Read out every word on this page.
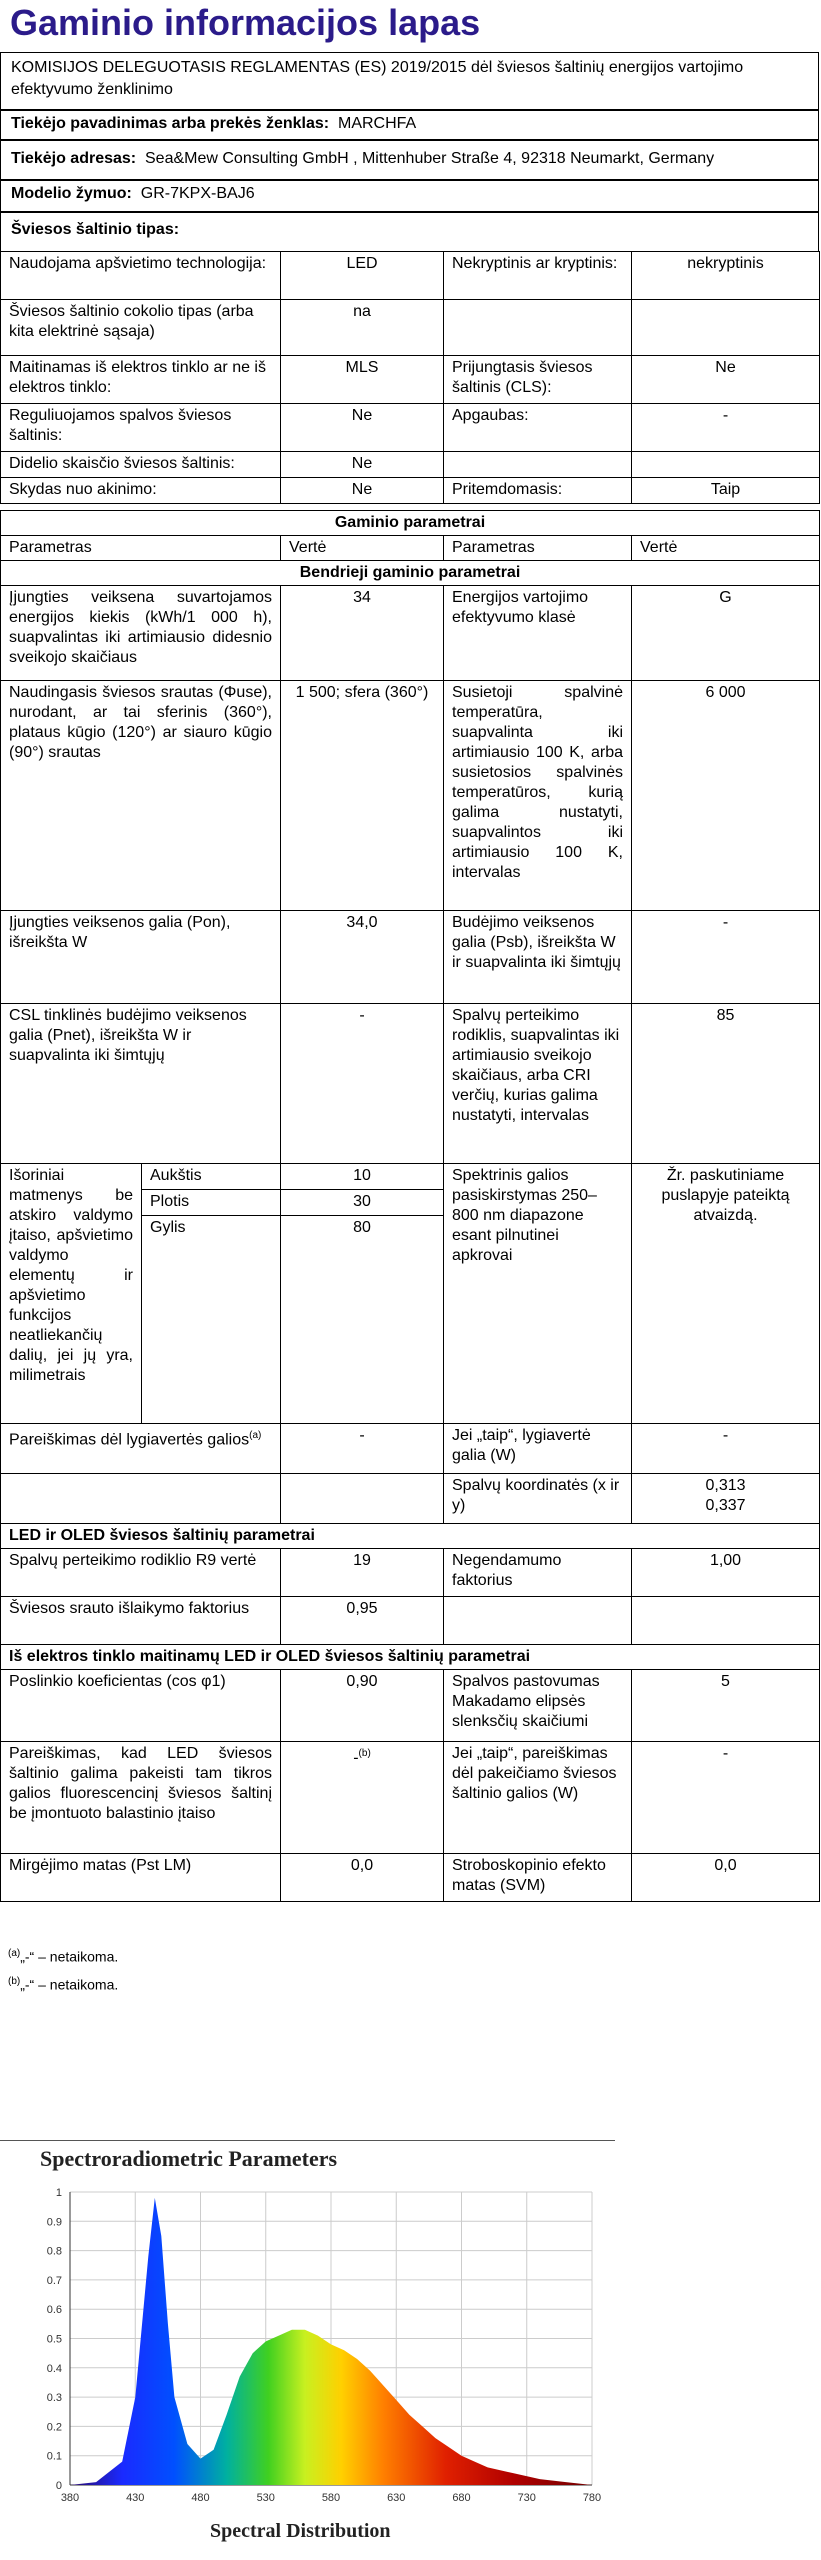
Gaminio informacijos lapas
KOMISIJOS DELEGUOTASIS REGLAMENTAS (ES) 2019/2015 dėl šviesos šaltinių energijos vartojimo efektyvumo ženklinimo
Tiekėjo pavadinimas arba prekės ženklas: MARCHFA
Tiekėjo adresas: Sea&Mew Consulting GmbH , Mittenhuber Straße 4, 92318 Neumarkt, Germany
Modelio žymuo: GR-7KPX-BAJ6
Šviesos šaltinio tipas:
Naudojama apšvietimo technologija:	LED	Nekryptinis ar kryptinis:	nekryptinis
Šviesos šaltinio cokolio tipas (arba kita elektrinė sąsaja)	na		
Maitinamas iš elektros tinklo ar ne iš elektros tinklo:	MLS	Prijungtasis šviesos šaltinis (CLS):	Ne
Reguliuojamos spalvos šviesos šaltinis:	Ne	Apgaubas:	-
Didelio skaisčio šviesos šaltinis:	Ne		
Skydas nuo akinimo:	Ne	Pritemdomasis:	Taip
Gaminio parametrai				
Parametras		Vertė	Parametras	Vertė
Bendrieji gaminio parametrai				
Įjungties veiksena suvartojamos energijos kiekis (kWh/1 000 h), suapvalintas iki artimiausio didesnio sveikojo skaičiaus		34	Energijos vartojimo efektyvumo klasė	G
Naudingasis šviesos srautas (Φuse), nurodant, ar tai sferinis (360°), plataus kūgio (120°) ar siauro kūgio (90°) srautas		1 500; sfera (360°)	Susietoji spalvinė temperatūra, suapvalinta iki artimiausio 100 K, arba susietosios spalvinės temperatūros, kurią galima nustatyti, suapvalintos iki artimiausio 100 K, intervalas	6 000
Įjungties veiksenos galia (Pon), išreikšta W		34,0	Budėjimo veiksenos galia (Psb), išreikšta W ir suapvalinta iki šimtųjų	-
CSL tinklinės budėjimo veiksenos galia (Pnet), išreikšta W ir suapvalinta iki šimtųjų		-	Spalvų perteikimo rodiklis, suapvalintas iki artimiausio sveikojo skaičiaus, arba CRI verčių, kurias galima nustatyti, intervalas	85
Išoriniai matmenys be atskiro valdymo įtaiso, apšvietimo valdymo elementų ir apšvietimo funkcijos neatliekančių dalių, jei jų yra, milimetrais	Aukštis	10	Spektrinis galios pasiskirstymas 250–800 nm diapazone esant pilnutinei apkrovai	Žr. paskutiniame puslapyje pateiktą atvaizdą.
	Plotis	30		
	Gylis	80		
Pareiškimas dėl lygiavertės galios$^{(a)}$		-	Jei „taip“, lygiavertė galia (W)	-
			Spalvų koordinatės (x ir y)	0,313
0,337
LED ir OLED šviesos šaltinių parametrai				
Spalvų perteikimo rodiklio R9 vertė		19	Negendamumo faktorius	1,00
Šviesos srauto išlaikymo faktorius		0,95		
Iš elektros tinklo maitinamų LED ir OLED šviesos šaltinių parametrai				
Poslinkio koeficientas (cos φ1)		0,90	Spalvos pastovumas Makadamo elipsės slenksčių skaičiumi	5
Pareiškimas, kad LED šviesos šaltinio galima pakeisti tam tikros galios fluorescencinį šviesos šaltinį be įmontuoto balastinio įtaiso		-$^{(b)}$	Jei „taip“, pareiškimas dėl pakeičiamo šviesos šaltinio galios (W)	-
Mirgėjimo matas (Pst LM)		0,0	Stroboskopinio efekto matas (SVM)	0,0
$^{(a)}$„-“ – netaikoma.
$^{(b)}$„-“ – netaikoma.
Spectroradiometric Parameters
380	430	480	530	580	630	680	730	780
0
0.1
0.2
0.3
0.4
0.5
0.6
0.7
0.8
0.9
1
Spectral Distribution
